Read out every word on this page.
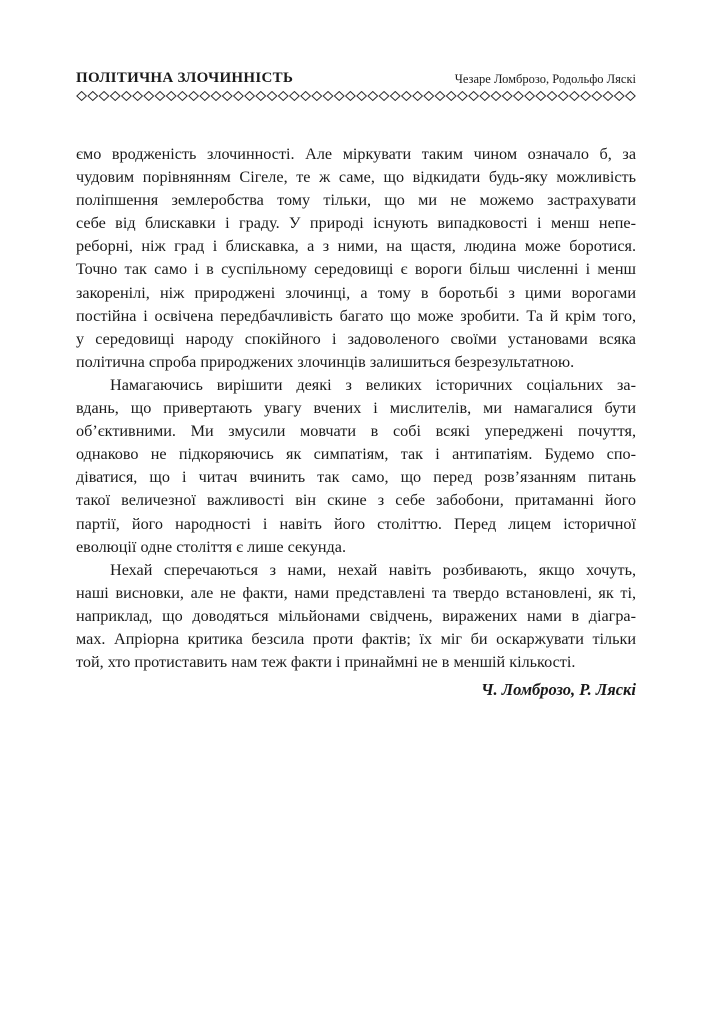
ПОЛІТИЧНА ЗЛОЧИННІСТЬ	Чезаре Ломброзо, Родольфо Ляскі
ємо вродженість злочинності. Але міркувати таким чином означало б, за
чудовим порівнянням Сігеле, те ж саме, що відкидати будь-яку можливість
поліпшення землеробства тому тільки, що ми не можемо застрахувати
себе від блискавки і граду. У природі існують випадковості і менш непе-
реборні, ніж град і блискавка, а з ними, на щастя, людина може боротися.
Точно так само і в суспільному середовищі є вороги більш численні і менш
закоренілі, ніж природжені злочинці, а тому в боротьбі з цими ворогами
постійна і освічена передбачливість багато що може зробити. Та й крім того,
у середовищі народу спокійного і задоволеного своїми установами всяка
політична спроба природжених злочинців залишиться безрезультатною.
Намагаючись вирішити деякі з великих історичних соціальних за-
вдань, що привертають увагу вчених і мислителів, ми намагалися бути
об’єктивними. Ми змусили мовчати в собі всякі упереджені почуття,
однаково не підкоряючись як симпатіям, так і антипатіям. Будемо спо-
діватися, що і читач вчинить так само, що перед розв’язанням питань
такої величезної важливості він скине з себе забобони, притаманні його
партії, його народності і навіть його століттю. Перед лицем історичної
еволюції одне століття є лише секунда.
Нехай сперечаються з нами, нехай навіть розбивають, якщо хочуть,
наші висновки, але не факти, нами представлені та твердо встановлені, як ті,
наприклад, що доводяться мільйонами свідчень, виражених нами в діагра-
мах. Апріорна критика безсила проти фактів; їх міг би оскаржувати тільки
той, хто протиставить нам теж факти і принаймні не в меншій кількості.
Ч. Ломброзо, Р. Ляскі
